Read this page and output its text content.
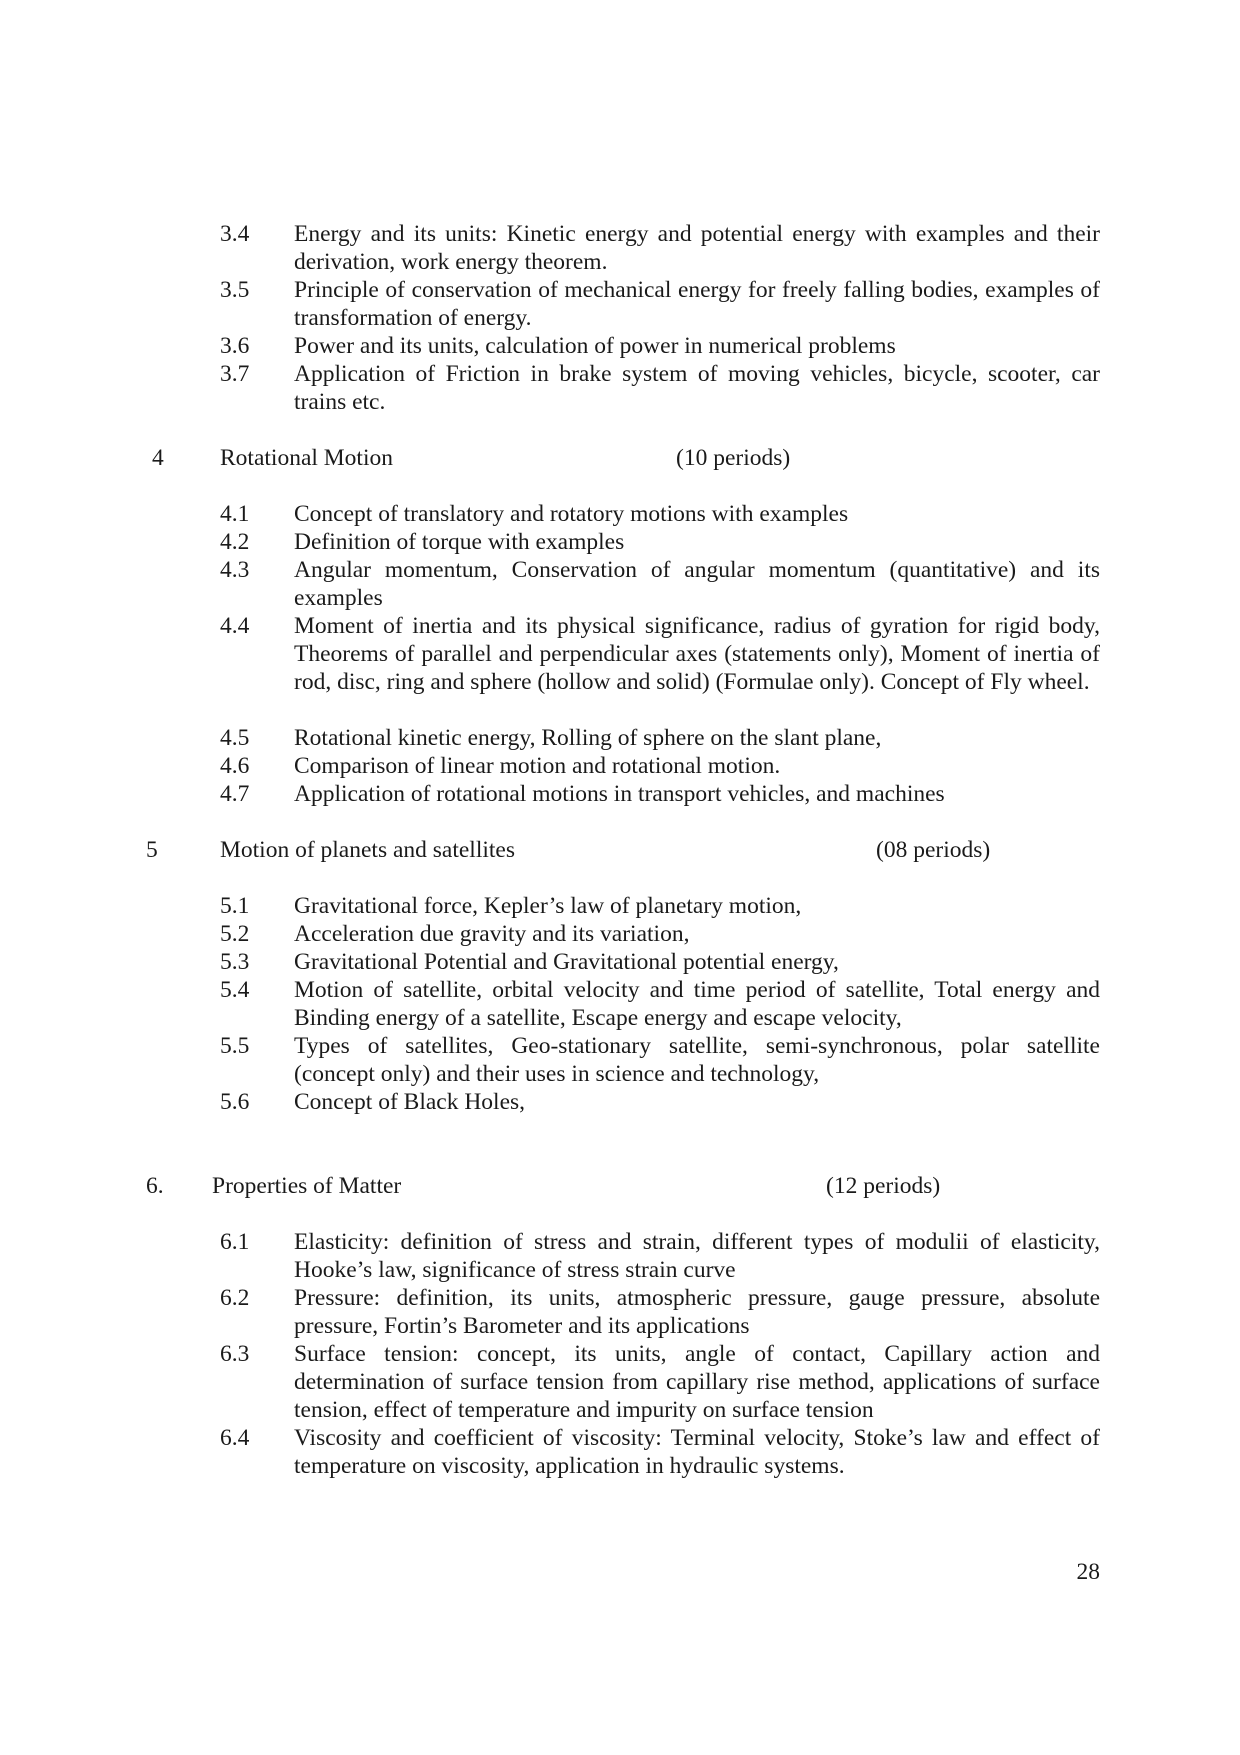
3.4	Energy and its units: Kinetic energy and potential energy with examples and their derivation, work energy theorem.
3.5	Principle of conservation of mechanical energy for freely falling bodies, examples of transformation of energy.
3.6	Power and its units, calculation of power in numerical problems
3.7	Application of Friction in brake system of moving vehicles, bicycle, scooter, car trains etc.
4 Rotational Motion	(10 periods)
4.1	Concept of translatory and rotatory motions with examples
4.2	Definition of torque with examples
4.3	Angular momentum, Conservation of angular momentum (quantitative) and its examples
4.4	Moment of inertia and its physical significance, radius of gyration for rigid body, Theorems of parallel and perpendicular axes (statements only), Moment of inertia of rod, disc, ring and sphere (hollow and solid) (Formulae only). Concept of Fly wheel.
4.5	Rotational kinetic energy, Rolling of sphere on the slant plane,
4.6	Comparison of linear motion and rotational motion.
4.7	Application of rotational motions in transport vehicles, and machines
5	Motion of planets and satellites	(08 periods)
5.1	Gravitational force, Kepler’s law of planetary motion,
5.2	Acceleration due gravity and its variation,
5.3	Gravitational Potential and Gravitational potential energy,
5.4	Motion of satellite, orbital velocity and time period of satellite, Total energy and Binding energy of a satellite, Escape energy and escape velocity,
5.5	Types of satellites, Geo-stationary satellite, semi-synchronous, polar satellite (concept only) and their uses in science and technology,
5.6	Concept of Black Holes,
6. Properties of Matter	(12 periods)
6.1	Elasticity: definition of stress and strain, different types of modulii of elasticity, Hooke’s law, significance of stress strain curve
6.2	Pressure: definition, its units, atmospheric pressure, gauge pressure, absolute pressure, Fortin’s Barometer and its applications
6.3	Surface tension: concept, its units, angle of contact, Capillary action and determination of surface tension from capillary rise method, applications of surface tension, effect of temperature and impurity on surface tension
6.4	Viscosity and coefficient of viscosity: Terminal velocity, Stoke’s law and effect of temperature on viscosity, application in hydraulic systems.
28
